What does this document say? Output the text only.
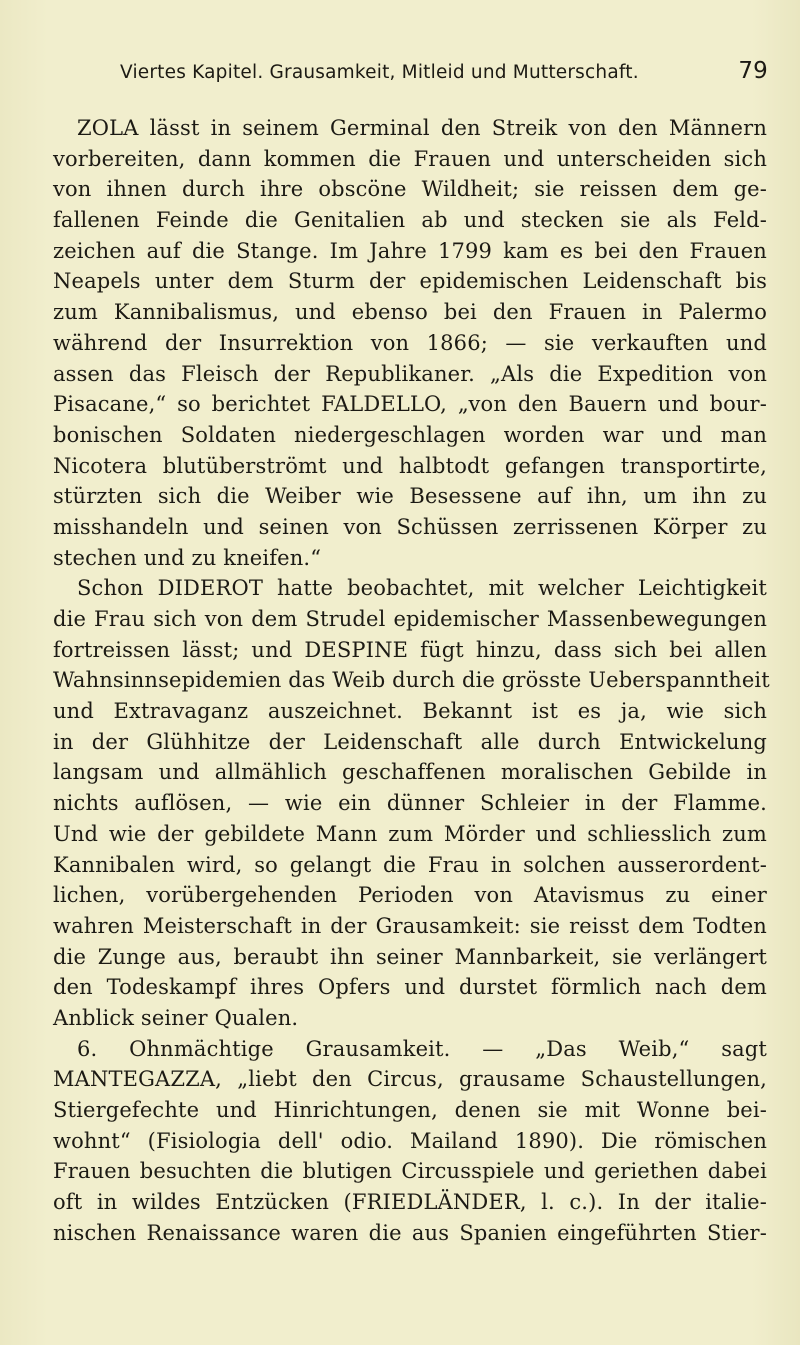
Viertes Kapitel. Grausamkeit, Mitleid und Mutterschaft.	79
ZOLA lässt in seinem Germinal den Streik von den Männern
vorbereiten, dann kommen die Frauen und unterscheiden sich
von ihnen durch ihre obscöne Wildheit; sie reissen dem ge-
fallenen Feinde die Genitalien ab und stecken sie als Feld-
zeichen auf die Stange. Im Jahre 1799 kam es bei den Frauen
Neapels unter dem Sturm der epidemischen Leidenschaft bis
zum Kannibalismus, und ebenso bei den Frauen in Palermo
während der Insurrektion von 1866; — sie verkauften und
assen das Fleisch der Republikaner. „Als die Expedition von
Pisacane,“ so berichtet FALDELLO, „von den Bauern und bour-
bonischen Soldaten niedergeschlagen worden war und man
Nicotera blutüberströmt und halbtodt gefangen transportirte,
stürzten sich die Weiber wie Besessene auf ihn, um ihn zu
misshandeln und seinen von Schüssen zerrissenen Körper zu
stechen und zu kneifen.“
Schon DIDEROT hatte beobachtet, mit welcher Leichtigkeit
die Frau sich von dem Strudel epidemischer Massenbewegungen
fortreissen lässt; und DESPINE fügt hinzu, dass sich bei allen
Wahnsinnsepidemien das Weib durch die grösste Ueberspanntheit
und Extravaganz auszeichnet. Bekannt ist es ja, wie sich
in der Glühhitze der Leidenschaft alle durch Entwickelung
langsam und allmählich geschaffenen moralischen Gebilde in
nichts auflösen, — wie ein dünner Schleier in der Flamme.
Und wie der gebildete Mann zum Mörder und schliesslich zum
Kannibalen wird, so gelangt die Frau in solchen ausserordent-
lichen, vorübergehenden Perioden von Atavismus zu einer
wahren Meisterschaft in der Grausamkeit: sie reisst dem Todten
die Zunge aus, beraubt ihn seiner Mannbarkeit, sie verlängert
den Todeskampf ihres Opfers und durstet förmlich nach dem
Anblick seiner Qualen.
6. Ohnmächtige Grausamkeit. — „Das Weib,“ sagt
MANTEGAZZA, „liebt den Circus, grausame Schaustellungen,
Stiergefechte und Hinrichtungen, denen sie mit Wonne bei-
wohnt“ (Fisiologia dell' odio. Mailand 1890). Die römischen
Frauen besuchten die blutigen Circusspiele und geriethen dabei
oft in wildes Entzücken (FRIEDLÄNDER, l. c.). In der italie-
nischen Renaissance waren die aus Spanien eingeführten Stier-
